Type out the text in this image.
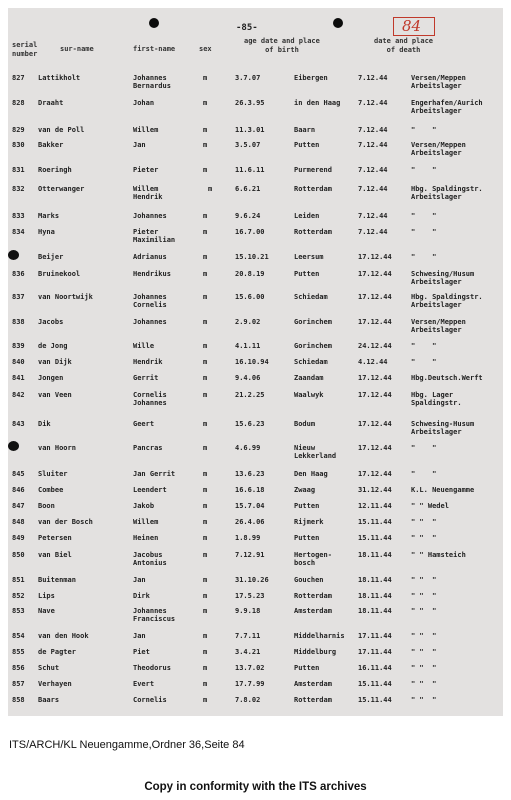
-85-	84
serial
number
sur-name	first-name	sex
age date and place
of birth
date and place
of death
827 Lattikholt	Johannes
Bernardus
m	3.7.07	Eibergen	7.12.44	Versen/Meppen
Arbeitslager
828 Draaht	Johan	m	26.3.95	in den Haag	7.12.44	Engerhafen/Aurich
Arbeitslager
829 van de Poll	Willem	m	11.3.01	Baarn	7.12.44	"    "
830 Bakker	Jan	m	3.5.07	Putten	7.12.44	Versen/Meppen
Arbeitslager
831 Roeringh	Pieter	m	11.6.11	Purmerend	7.12.44	"    "
832 Otterwanger	Willem
Hendrik
m	6.6.21	Rotterdam	7.12.44	Hbg. Spaldingstr.
Arbeitslager
833 Marks	Johannes	m	9.6.24	Leiden	7.12.44	"    "
834 Hyna	Pieter
Maximilian
m	16.7.00	Rotterdam	7.12.44	"    "
Beijer	Adrianus	m	15.10.21	Leersum	17.12.44	"    "
836 Bruinekool	Hendrikus	m	20.8.19	Putten	17.12.44	Schwesing/Husum
Arbeitslager
837 van Noortwijk	Johannes
Cornelis
m	15.6.00	Schiedam	17.12.44	Hbg. Spaldingstr.
Arbeitslager
838 Jacobs	Johannes	m	2.9.02	Gorinchem	17.12.44	Versen/Meppen
Arbeitslager
839 de Jong	Wille	m	4.1.11	Gorinchem	24.12.44	"    "
840 van Dijk	Hendrik	m	16.10.94	Schiedam	4.12.44	"    "
841 Jongen	Gerrit	m	9.4.06	Zaandam	17.12.44	Hbg.Deutsch.Werft
842 van Veen	Cornelis
Johannes
m	21.2.25	Waalwyk	17.12.44	Hbg. Lager
Spaldingstr.
843 Dik	Geert	m	15.6.23	Bodum	17.12.44	Schwesing-Husum
Arbeitslager
van Hoorn	Pancras	m	4.6.99	Nieuw
Lekkerland
17.12.44	"    "
845 Sluiter	Jan Gerrit	m	13.6.23	Den Haag	17.12.44	"    "
846 Combee	Leendert	m	16.6.18	Zwaag	31.12.44	K.L. Neuengamme
847 Boon	Jakob	m	15.7.04	Putten	12.11.44	" " Wedel
848 van der Bosch	Willem	m	26.4.06	Rijmerk	15.11.44	" "  "
849 Petersen	Heinen	m	1.8.99	Putten	15.11.44	" "  "
850 van Biel	Jacobus
Antonius
m	7.12.91	Hertogen-
bosch
18.11.44	" " Hamsteich
851 Buitenman	Jan	m	31.10.26	Gouchen	18.11.44	" "  "
852 Lips	Dirk	m	17.5.23	Rotterdam	18.11.44	" "  "
853 Nave	Johannes
Franciscus
m	9.9.18	Amsterdam	18.11.44	" "  "
854 van den Hook	Jan	m	7.7.11	Middelharnis 17.11.44	" "  "
855 de Pagter	Piet	m	3.4.21	Middelburg	17.11.44	" "  "
856 Schut	Theodorus	m	13.7.02	Putten	16.11.44	" "  "
857 Verhayen	Evert	m	17.7.99	Amsterdam	15.11.44	" "  "
858 Baars	Cornelis	m	7.8.02	Rotterdam	15.11.44	" "  "
ITS/ARCH/KL Neuengamme,Ordner 36,Seite 84
Copy in conformity with the ITS archives
